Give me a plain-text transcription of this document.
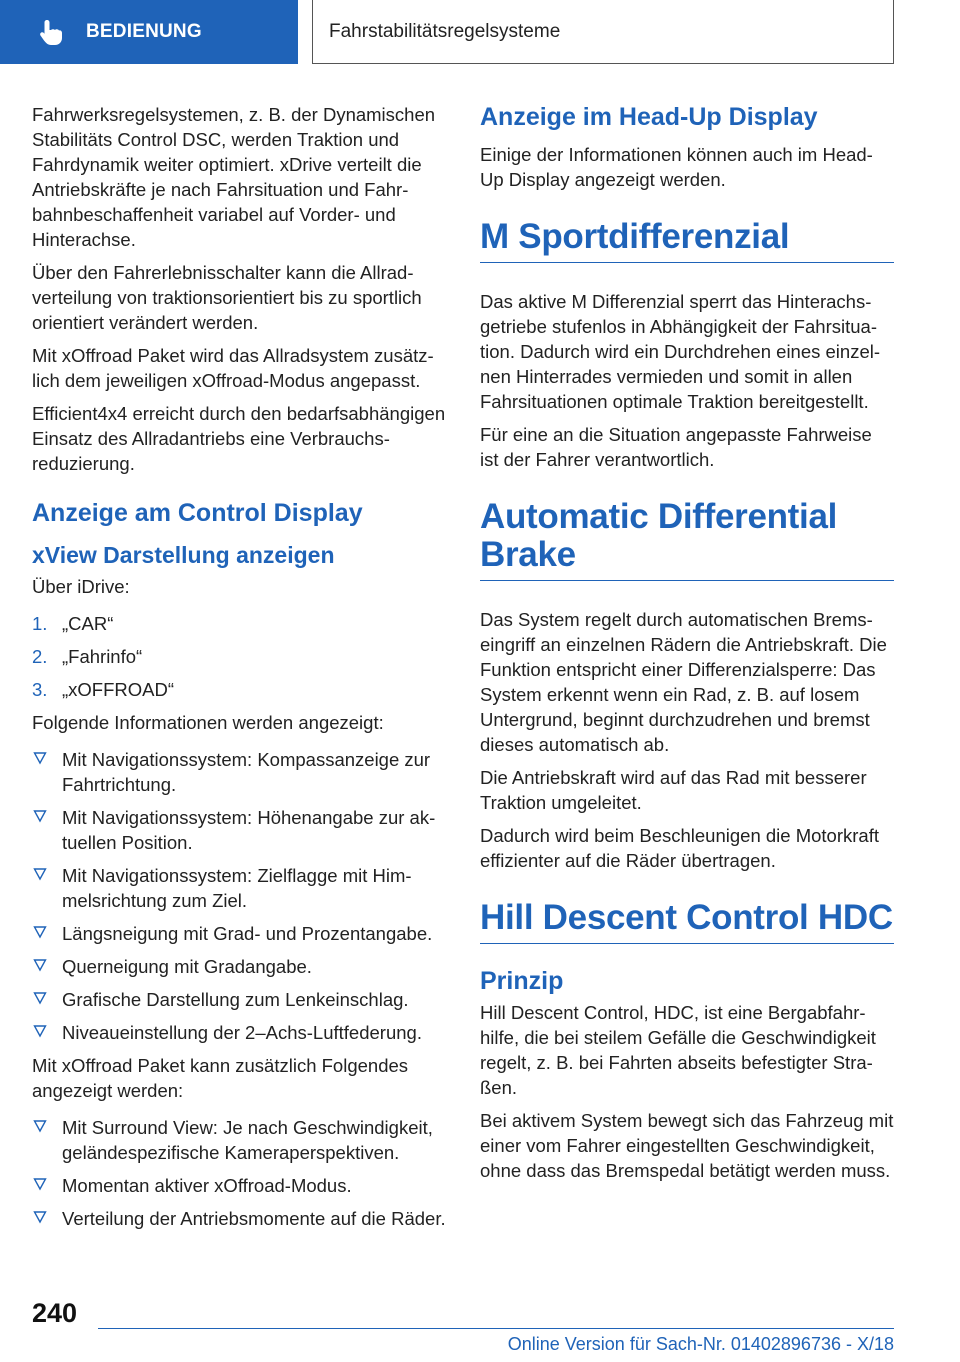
BEDIENUNG	Fahrstabilitätsregelsysteme

Fahrwerksregelsystemen, z. B. der Dynamischen Stabilitäts Control DSC, werden Traktion und Fahrdynamik weiter optimiert. xDrive verteilt die Antriebskräfte je nach Fahrsituation und Fahrbahnbeschaffenheit variabel auf Vorder- und Hinterachse.

Über den Fahrerlebnisschalter kann die Allradverteilung von traktionsorientiert bis zu sportlich orientiert verändert werden.

Mit xOffroad Paket wird das Allradsystem zusätzlich dem jeweiligen xOffroad-Modus angepasst.

Efficient4x4 erreicht durch den bedarfsabhängigen Einsatz des Allradantriebs eine Verbrauchsreduzierung.

Anzeige am Control Display
xView Darstellung anzeigen

Über iDrive:

1. „CAR“
2. „Fahrinfo“
3. „xOFFROAD“

Folgende Informationen werden angezeigt:

Mit Navigationssystem: Kompassanzeige zur Fahrtrichtung.
Mit Navigationssystem: Höhenangabe zur aktuellen Position.
Mit Navigationssystem: Zielflagge mit Himmelsrichtung zum Ziel.
Längsneigung mit Grad- und Prozentangabe.
Querneigung mit Gradangabe.
Grafische Darstellung zum Lenkeinschlag.
Niveaueinstellung der 2–Achs-Luftfederung.

Mit xOffroad Paket kann zusätzlich Folgendes angezeigt werden:

Mit Surround View: Je nach Geschwindigkeit, geländespezifische Kameraperspektiven.
Momentan aktiver xOffroad-Modus.
Verteilung der Antriebsmomente auf die Räder.
Anzeige im Head-Up Display

Einige der Informationen können auch im Head-Up Display angezeigt werden.

M Sportdifferenzial

Das aktive M Differenzial sperrt das Hinterachsgetriebe stufenlos in Abhängigkeit der Fahrsituation. Dadurch wird ein Durchdrehen eines einzelnen Hinterrades vermieden und somit in allen Fahrsituationen optimale Traktion bereitgestellt.

Für eine an die Situation angepasste Fahrweise ist der Fahrer verantwortlich.

Automatic Differential Brake

Das System regelt durch automatischen Bremseingriff an einzelnen Rädern die Antriebskraft. Die Funktion entspricht einer Differenzialsperre: Das System erkennt wenn ein Rad, z. B. auf losem Untergrund, beginnt durchzudrehen und bremst dieses automatisch ab.

Die Antriebskraft wird auf das Rad mit besserer Traktion umgeleitet.

Dadurch wird beim Beschleunigen die Motorkraft effizienter auf die Räder übertragen.

Hill Descent Control HDC
Prinzip

Hill Descent Control, HDC, ist eine Bergabfahrhilfe, die bei steilem Gefälle die Geschwindigkeit regelt, z. B. bei Fahrten abseits befestigter Straßen.

Bei aktivem System bewegt sich das Fahrzeug mit einer vom Fahrer eingestellten Geschwindigkeit, ohne dass das Bremspedal betätigt werden muss.

240
Online Version für Sach-Nr. 01402896736 - X/18
